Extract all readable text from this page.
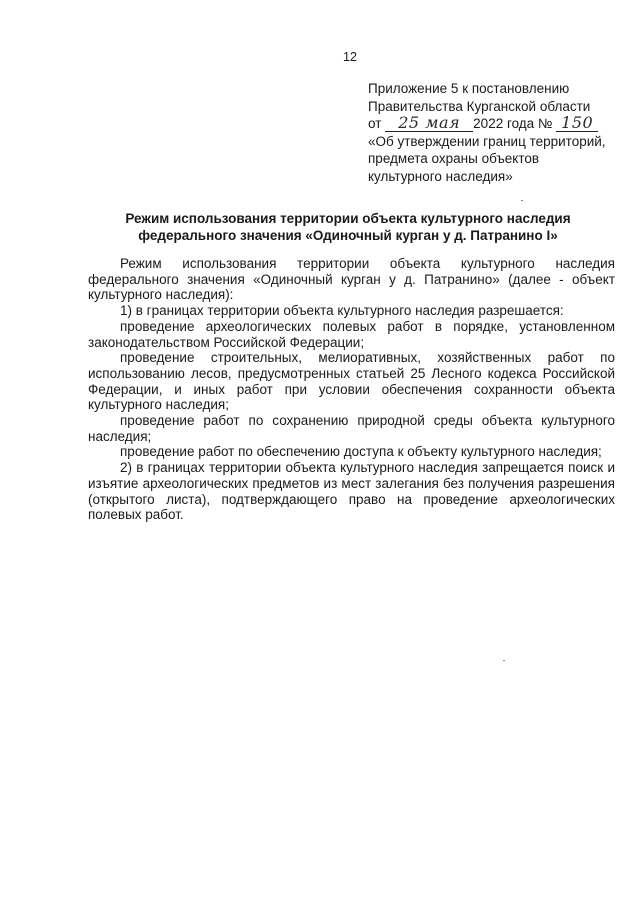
12
Приложение 5 к постановлению
Правительства Курганской области
от 25 мая 2022 года № 150
«Об утверждении границ территорий,
предмета охраны объектов
культурного наследия»
Режим использования территории объекта культурного наследия
федерального значения «Одиночный курган у д. Патранино I»

Режим использования территории объекта культурного наследия федерального значения «Одиночный курган у д. Патранино» (далее - объект культурного наследия):

1) в границах территории объекта культурного наследия разрешается:

проведение археологических полевых работ в порядке, установленном законодательством Российской Федерации;

проведение строительных, мелиоративных, хозяйственных работ по использованию лесов, предусмотренных статьей 25 Лесного кодекса Российской Федерации, и иных работ при условии обеспечения сохранности объекта культурного наследия;

проведение работ по сохранению природной среды объекта культурного наследия;

проведение работ по обеспечению доступа к объекту культурного наследия;

2) в границах территории объекта культурного наследия запрещается поиск и изъятие археологических предметов из мест залегания без получения разрешения (открытого листа), подтверждающего право на проведение археологических полевых работ.
